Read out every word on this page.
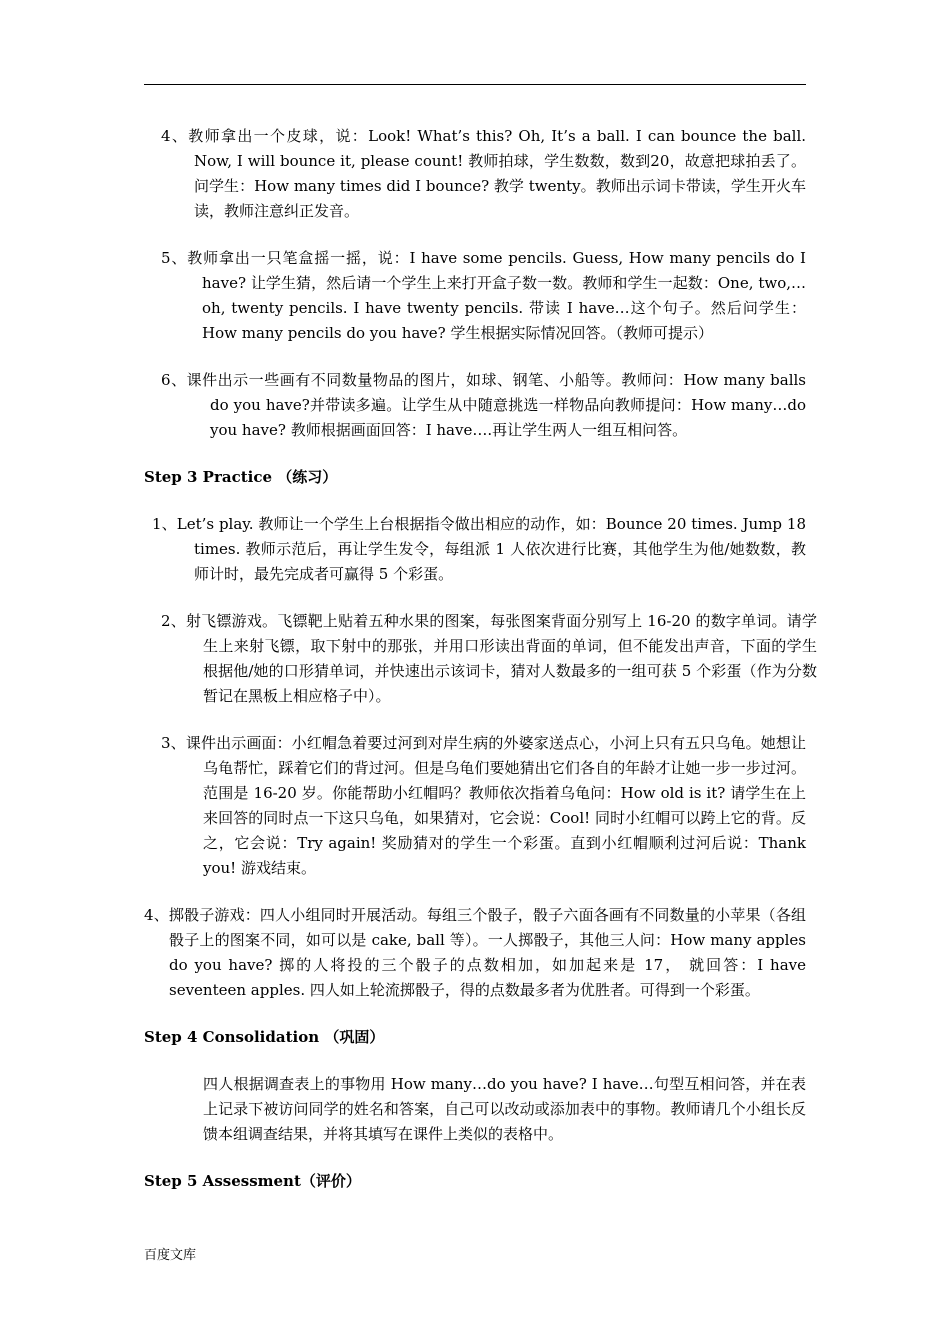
4、教师拿出一个皮球，说：Look! What’s this? Oh, It’s a ball. I can bounce the ball. Now, I will bounce it, please count! 教师拍球，学生数数，数到20，故意把球拍丢了。问学生：How many times did I bounce? 教学 twenty。教师出示词卡带读，学生开火车读，教师注意纠正发音。

5、教师拿出一只笔盒摇一摇，说：I have some pencils. Guess, How many pencils do I have? 让学生猜，然后请一个学生上来打开盒子数一数。教师和学生一起数：One, two,…oh, twenty pencils. I have twenty pencils. 带读 I have…这个句子。然后问学生：How many pencils do you have? 学生根据实际情况回答。（教师可提示）

6、课件出示一些画有不同数量物品的图片，如球、钢笔、小船等。教师问：How many balls do you have?并带读多遍。让学生从中随意挑选一样物品向教师提问：How many…do you have? 教师根据画面回答：I have….再让学生两人一组互相问答。

Step 3 Practice （练习）

1、Let’s play. 教师让一个学生上台根据指令做出相应的动作，如：Bounce 20 times. Jump 18 times. 教师示范后，再让学生发令，每组派 1 人依次进行比赛，其他学生为他/她数数，教师计时，最先完成者可赢得 5 个彩蛋。

2、射飞镖游戏。飞镖靶上贴着五种水果的图案，每张图案背面分别写上 16-20 的数字单词。请学生上来射飞镖，取下射中的那张，并用口形读出背面的单词，但不能发出声音，下面的学生根据他/她的口形猜单词，并快速出示该词卡，猜对人数最多的一组可获 5 个彩蛋（作为分数暂记在黑板上相应格子中）。

3、课件出示画面：小红帽急着要过河到对岸生病的外婆家送点心，小河上只有五只乌龟。她想让乌龟帮忙，踩着它们的背过河。但是乌龟们要她猜出它们各自的年龄才让她一步一步过河。范围是 16-20 岁。你能帮助小红帽吗？教师依次指着乌龟问：How old is it? 请学生在上来回答的同时点一下这只乌龟，如果猜对，它会说：Cool! 同时小红帽可以跨上它的背。反之，它会说：Try again! 奖励猜对的学生一个彩蛋。直到小红帽顺利过河后说：Thank you! 游戏结束。

4、掷骰子游戏：四人小组同时开展活动。每组三个骰子，骰子六面各画有不同数量的小苹果（各组骰子上的图案不同，如可以是 cake, ball 等）。一人掷骰子，其他三人问：How many apples do you have? 掷的人将投的三个骰子的点数相加，如加起来是 17， 就回答：I have seventeen apples. 四人如上轮流掷骰子，得的点数最多者为优胜者。可得到一个彩蛋。

Step 4 Consolidation （巩固）

四人根据调查表上的事物用 How many…do you have? I have…句型互相问答，并在表上记录下被访问同学的姓名和答案，自己可以改动或添加表中的事物。教师请几个小组长反馈本组调查结果，并将其填写在课件上类似的表格中。

Step 5 Assessment（评价）
百度文库
